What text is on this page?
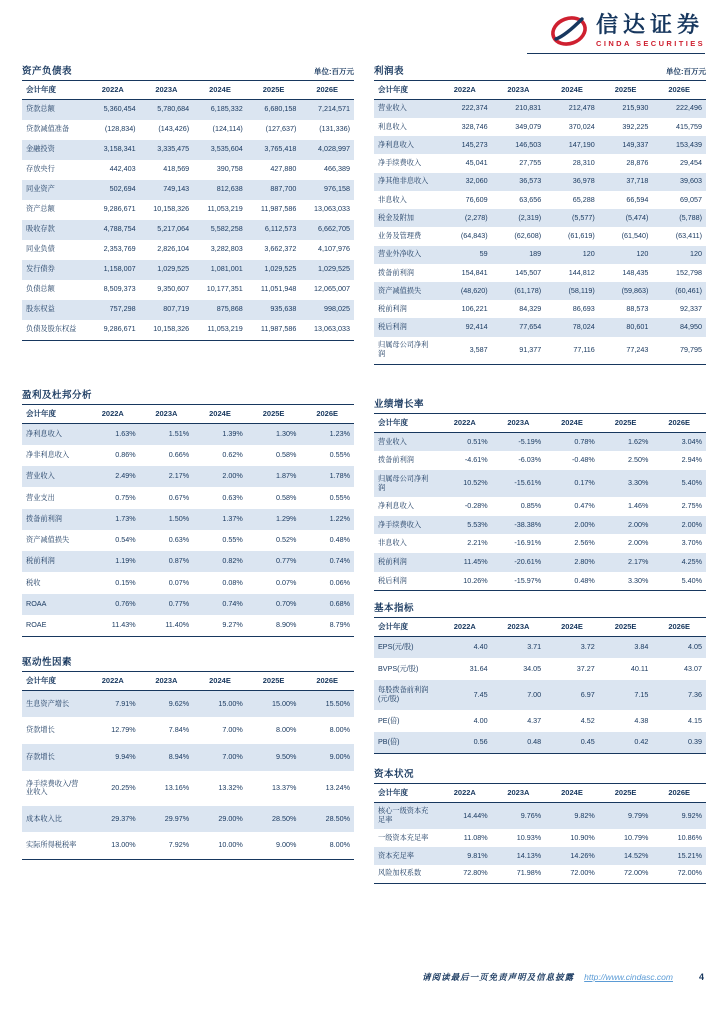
信达证券
CINDA SECURITIES
资产负债表	单位:百万元
会计年度	2022A	2023A	2024E	2025E	2026E
贷款总额	5,360,454	5,780,684	6,185,332	6,680,158	7,214,571
贷款减值准备	(128,834)	(143,426)	(124,114)	(127,637)	(131,336)
金融投资	3,158,341	3,335,475	3,535,604	3,765,418	4,028,997
存放央行	442,403	418,569	390,758	427,880	466,389
同业资产	502,694	749,143	812,638	887,700	976,158
资产总额	9,286,671	10,158,326	11,053,219	11,987,586	13,063,033
吸收存款	4,788,754	5,217,064	5,582,258	6,112,573	6,662,705
同业负债	2,353,769	2,826,104	3,282,803	3,662,372	4,107,976
发行债券	1,158,007	1,029,525	1,081,001	1,029,525	1,029,525
负债总额	8,509,373	9,350,607	10,177,351	11,051,948	12,065,007
股东权益	757,298	807,719	875,868	935,638	998,025
负债及股东权益	9,286,671	10,158,326	11,053,219	11,987,586	13,063,033
利润表	单位:百万元
会计年度	2022A	2023A	2024E	2025E	2026E
营业收入	222,374	210,831	212,478	215,930	222,496
利息收入	328,746	349,079	370,024	392,225	415,759
净利息收入	145,273	146,503	147,190	149,337	153,439
净手续费收入	45,041	27,755	28,310	28,876	29,454
净其他非息收入	32,060	36,573	36,978	37,718	39,603
非息收入	76,609	63,656	65,288	66,594	69,057
税金及附加	(2,278)	(2,319)	(5,577)	(5,474)	(5,788)
业务及管理费	(64,843)	(62,608)	(61,619)	(61,540)	(63,411)
营业外净收入	59	189	120	120	120
拨备前利润	154,841	145,507	144,812	148,435	152,798
资产减值损失	(48,620)	(61,178)	(58,119)	(59,863)	(60,461)
税前利润	106,221	84,329	86,693	88,573	92,337
税后利润	92,414	77,654	78,024	80,601	84,950
归属母公司净利润	3,587	91,377	77,116	77,243	79,795
盈利及杜邦分析
会计年度	2022A	2023A	2024E	2025E	2026E
净利息收入	1.63%	1.51%	1.39%	1.30%	1.23%
净非利息收入	0.86%	0.66%	0.62%	0.58%	0.55%
营业收入	2.49%	2.17%	2.00%	1.87%	1.78%
营业支出	0.75%	0.67%	0.63%	0.58%	0.55%
拨备前利润	1.73%	1.50%	1.37%	1.29%	1.22%
资产减值损失	0.54%	0.63%	0.55%	0.52%	0.48%
税前利润	1.19%	0.87%	0.82%	0.77%	0.74%
税收	0.15%	0.07%	0.08%	0.07%	0.06%
ROAA	0.76%	0.77%	0.74%	0.70%	0.68%
ROAE	11.43%	11.40%	9.27%	8.90%	8.79%
业绩增长率
会计年度	2022A	2023A	2024E	2025E	2026E
营业收入	0.51%	-5.19%	0.78%	1.62%	3.04%
拨备前利润	-4.61%	-6.03%	-0.48%	2.50%	2.94%
归属母公司净利润	10.52%	-15.61%	0.17%	3.30%	5.40%
净利息收入	-0.28%	0.85%	0.47%	1.46%	2.75%
净手续费收入	5.53%	-38.38%	2.00%	2.00%	2.00%
非息收入	2.21%	-16.91%	2.56%	2.00%	3.70%
税前利润	11.45%	-20.61%	2.80%	2.17%	4.25%
税后利润	10.26%	-15.97%	0.48%	3.30%	5.40%
基本指标
会计年度	2022A	2023A	2024E	2025E	2026E
EPS(元/股)	4.40	3.71	3.72	3.84	4.05
BVPS(元/股)	31.64	34.05	37.27	40.11	43.07
每股拨备前利润(元/股)	7.45	7.00	6.97	7.15	7.36
PE(倍)	4.00	4.37	4.52	4.38	4.15
PB(倍)	0.56	0.48	0.45	0.42	0.39
驱动性因素
会计年度	2022A	2023A	2024E	2025E	2026E
生息资产增长	7.91%	9.62%	15.00%	15.00%	15.50%
贷款增长	12.79%	7.84%	7.00%	8.00%	8.00%
存款增长	9.94%	8.94%	7.00%	9.50%	9.00%
净手续费收入/营业收入	20.25%	13.16%	13.32%	13.37%	13.24%
成本收入比	29.37%	29.97%	29.00%	28.50%	28.50%
实际所得税税率	13.00%	7.92%	10.00%	9.00%	8.00%
资本状况
会计年度	2022A	2023A	2024E	2025E	2026E
核心一级资本充足率	14.44%	9.76%	9.82%	9.79%	9.92%
一级资本充足率	11.08%	10.93%	10.90%	10.79%	10.86%
资本充足率	9.81%	14.13%	14.26%	14.52%	15.21%
风险加权系数	72.80%	71.98%	72.00%	72.00%	72.00%
请阅读最后一页免责声明及信息披露 http://www.cindasc.com	4
